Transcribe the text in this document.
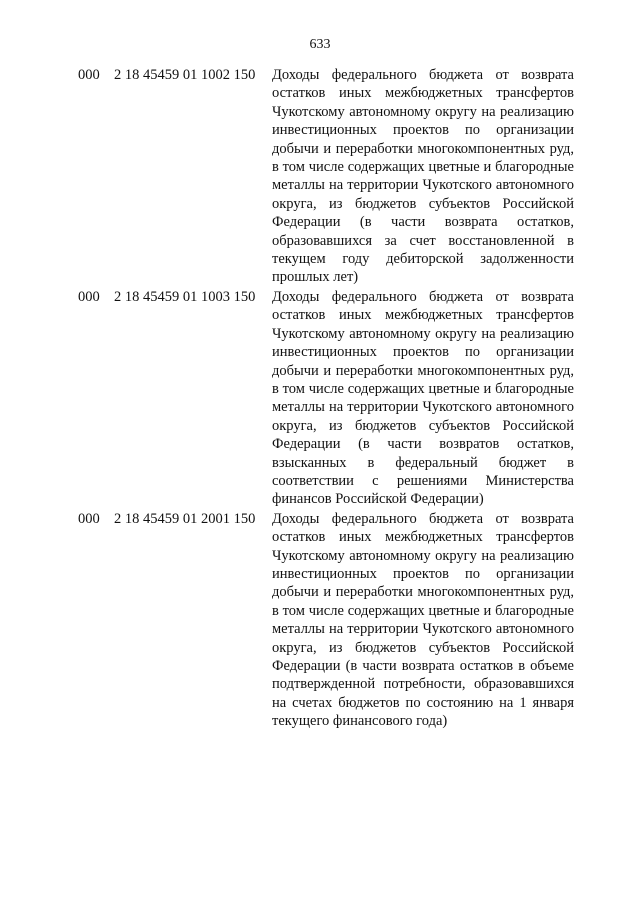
633
000 2 18 45459 01 1002 150	Доходы федерального бюджета от возврата остатков иных межбюджетных трансфертов Чукотскому автономному округу на реализацию инвестиционных проектов по организации добычи и переработки многокомпонентных руд, в том числе содержащих цветные и благородные металлы на территории Чукотского автономного округа, из бюджетов субъектов Российской Федерации (в части возврата остатков, образовавшихся за счет восстановленной в текущем году дебиторской задолженности прошлых лет)
000 2 18 45459 01 1003 150	Доходы федерального бюджета от возврата остатков иных межбюджетных трансфертов Чукотскому автономному округу на реализацию инвестиционных проектов по организации добычи и переработки многокомпонентных руд, в том числе содержащих цветные и благородные металлы на территории Чукотского автономного округа, из бюджетов субъектов Российской Федерации (в части возвратов остатков, взысканных в федеральный бюджет в соответствии с решениями Министерства финансов Российской Федерации)
000 2 18 45459 01 2001 150	Доходы федерального бюджета от возврата остатков иных межбюджетных трансфертов Чукотскому автономному округу на реализацию инвестиционных проектов по организации добычи и переработки многокомпонентных руд, в том числе содержащих цветные и благородные металлы на территории Чукотского автономного округа, из бюджетов субъектов Российской Федерации (в части возврата остатков в объеме подтвержденной потребности, образовавшихся на счетах бюджетов по состоянию на 1 января текущего финансового года)
